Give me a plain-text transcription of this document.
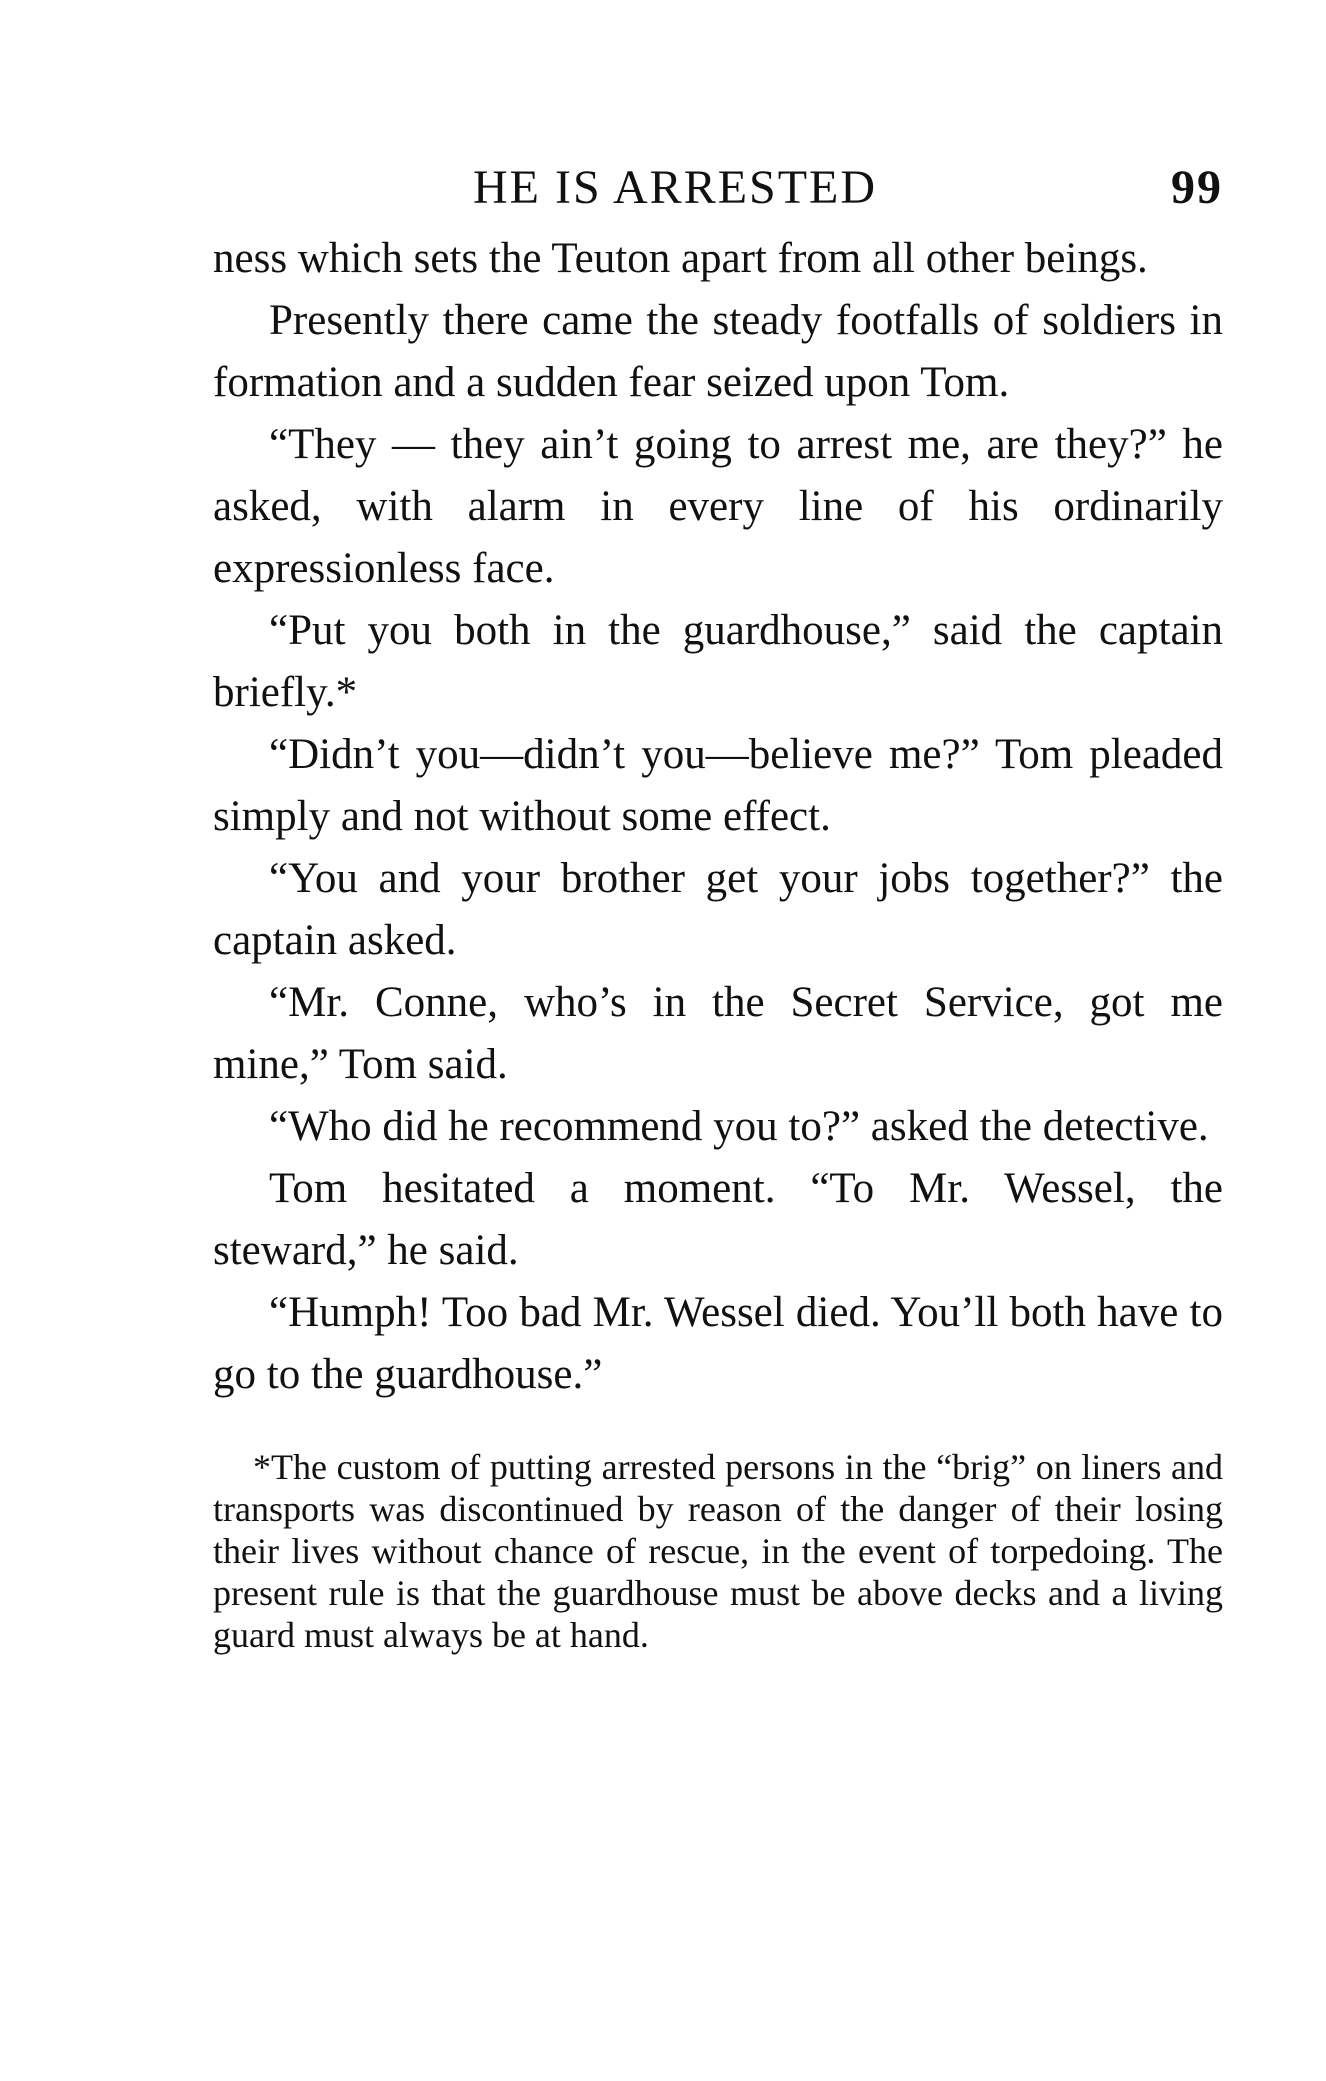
HE IS ARRESTED	99

ness which sets the Teuton apart from all other beings.

Presently there came the steady footfalls of soldiers in formation and a sudden fear seized upon Tom.

“They — they ain’t going to arrest me, are they?” he asked, with alarm in every line of his ordinarily expressionless face.

“Put you both in the guardhouse,” said the captain briefly.*

“Didn’t you—didn’t you—believe me?” Tom pleaded simply and not without some effect.

“You and your brother get your jobs together?” the captain asked.

“Mr. Conne, who’s in the Secret Service, got me mine,” Tom said.

“Who did he recommend you to?” asked the detective.

Tom hesitated a moment. “To Mr. Wessel, the steward,” he said.

“Humph! Too bad Mr. Wessel died. You’ll both have to go to the guardhouse.”

*The custom of putting arrested persons in the “brig” on liners and transports was discontinued by reason of the danger of their losing their lives without chance of rescue, in the event of torpedoing. The present rule is that the guardhouse must be above decks and a living guard must always be at hand.
